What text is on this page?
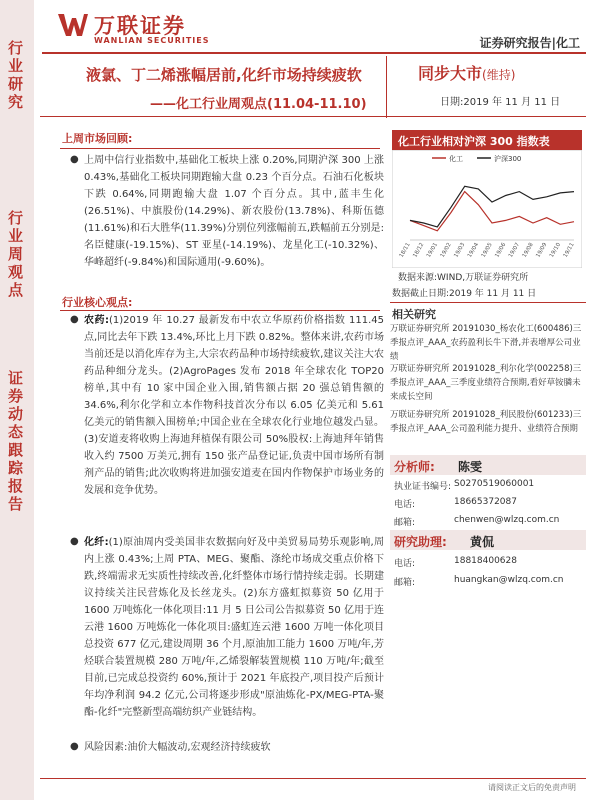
行业研究
行业周观点
证券动态跟踪报告
万联证券
WANLIAN SECURITIES	证券研究报告|化工
液氯、丁二烯涨幅居前,化纤市场持续疲软
——化工行业周观点(11.04-11.10)
同步大市(维持)
日期:2019 年 11 月 11 日
上周市场回顾:
● 上周中信行业指数中,基础化工板块上涨 0.20%,同期沪深 300 上涨 0.43%,基础化工板块同期跑输大盘 0.23 个百分点。石油石化板块下跌 0.64%,同期跑输大盘 1.07 个百分点。其中,蓝丰生化(26.51%)、中旗股份(14.29%)、新农股份(13.78%)、科斯伍德(11.61%)和石大胜华(11.39%)分别位列涨幅前五,跌幅前五分别是:名臣健康(-19.15%)、ST 亚星(-14.19%)、龙星化工(-10.32%)、华峰超纤(-9.84%)和国际通用(-9.60%)。
行业核心观点:
● 农药:(1)2019 年 10.27 最新发布中农立华原药价格指数 111.45 点,同比去年下跌 13.4%,环比上月下跌 0.82%。整体来讲,农药市场当前还是以消化库存为主,大宗农药品种市场持续疲软,建议关注大农药品种细分龙头。(2)AgroPages 发布 2018 年全球农化 TOP20 榜单,其中有 10 家中国企业入围,销售额占据 20 强总销售额的 34.6%,利尔化学和立本作物科技首次分布以 6.05 亿美元和 5.61 亿美元的销售额入围榜单;中国企业在全球农化行业地位越发凸显。(3)安道麦将收购上海迪拜植保有限公司 50%股权:上海迪拜年销售收入约 7500 万美元,拥有 150 张产品登记证,负责中国市场所有制剂产品的销售;此次收购将进加强安道麦在国内作物保护市场业务的发展和竞争优势。
● 化纤:(1)原油周内受美国非农数据向好及中美贸易局势乐观影响,周内上涨 0.43%;上周 PTA、MEG、聚酯、涤纶市场成交重点价格下跌,终端需求无实质性持续改善,化纤整体市场行情持续走弱。长期建议持续关注民营炼化及长丝龙头。(2)东方盛虹拟募资 50 亿用于 1600 万吨炼化一体化项目:11 月 5 日公司公告拟募资 50 亿用于连云港 1600 万吨炼化一体化项目:盛虹连云港 1600 万吨一体化项目总投资 677 亿元,建设周期 36 个月,原油加工能力 1600 万吨/年,芳烃联合装置规模 280 万吨/年,乙烯裂解装置规模 110 万吨/年;截至目前,已完成总投资约 60%,预计于 2021 年底投产,项目投产后预计年均净利润 94.2 亿元,公司将逐步形成"原油炼化-PX/MEG-PTA-聚酯-化纤"完整新型高端纺织产业链结构。
● 风险因素:油价大幅波动,宏观经济持续疲软
化工行业相对沪深 300 指数表
化工	沪深300
18/11 18/12 19/01 19/02 19/03 19/04 19/05 19/06 19/07 19/08 19/09 19/10 19/11
数据来源:WIND,万联证券研究所
数据截止日期:2019 年 11 月 11 日
相关研究
万联证券研究所 20191030_杨农化工(600486)三季报点评_AAA_农药盈利长牛下滑,并表增厚公司业绩
万联证券研究所 20191028_利尔化学(002258)三季报点评_AAA_三季度业绩符合预期,看好草铵膦未来成长空间
万联证券研究所 20191028_利民股份(601233)三季报点评_AAA_公司盈利能力提升、业绩符合预期
分析师: 陈雯
执业证书编号: S0270519060001
电话:	18665372087
邮箱:	chenwen@wlzq.com.cn
研究助理: 黄侃
电话:	18818400628
邮箱:	huangkan@wlzq.com.cn
请阅读正文后的免责声明
